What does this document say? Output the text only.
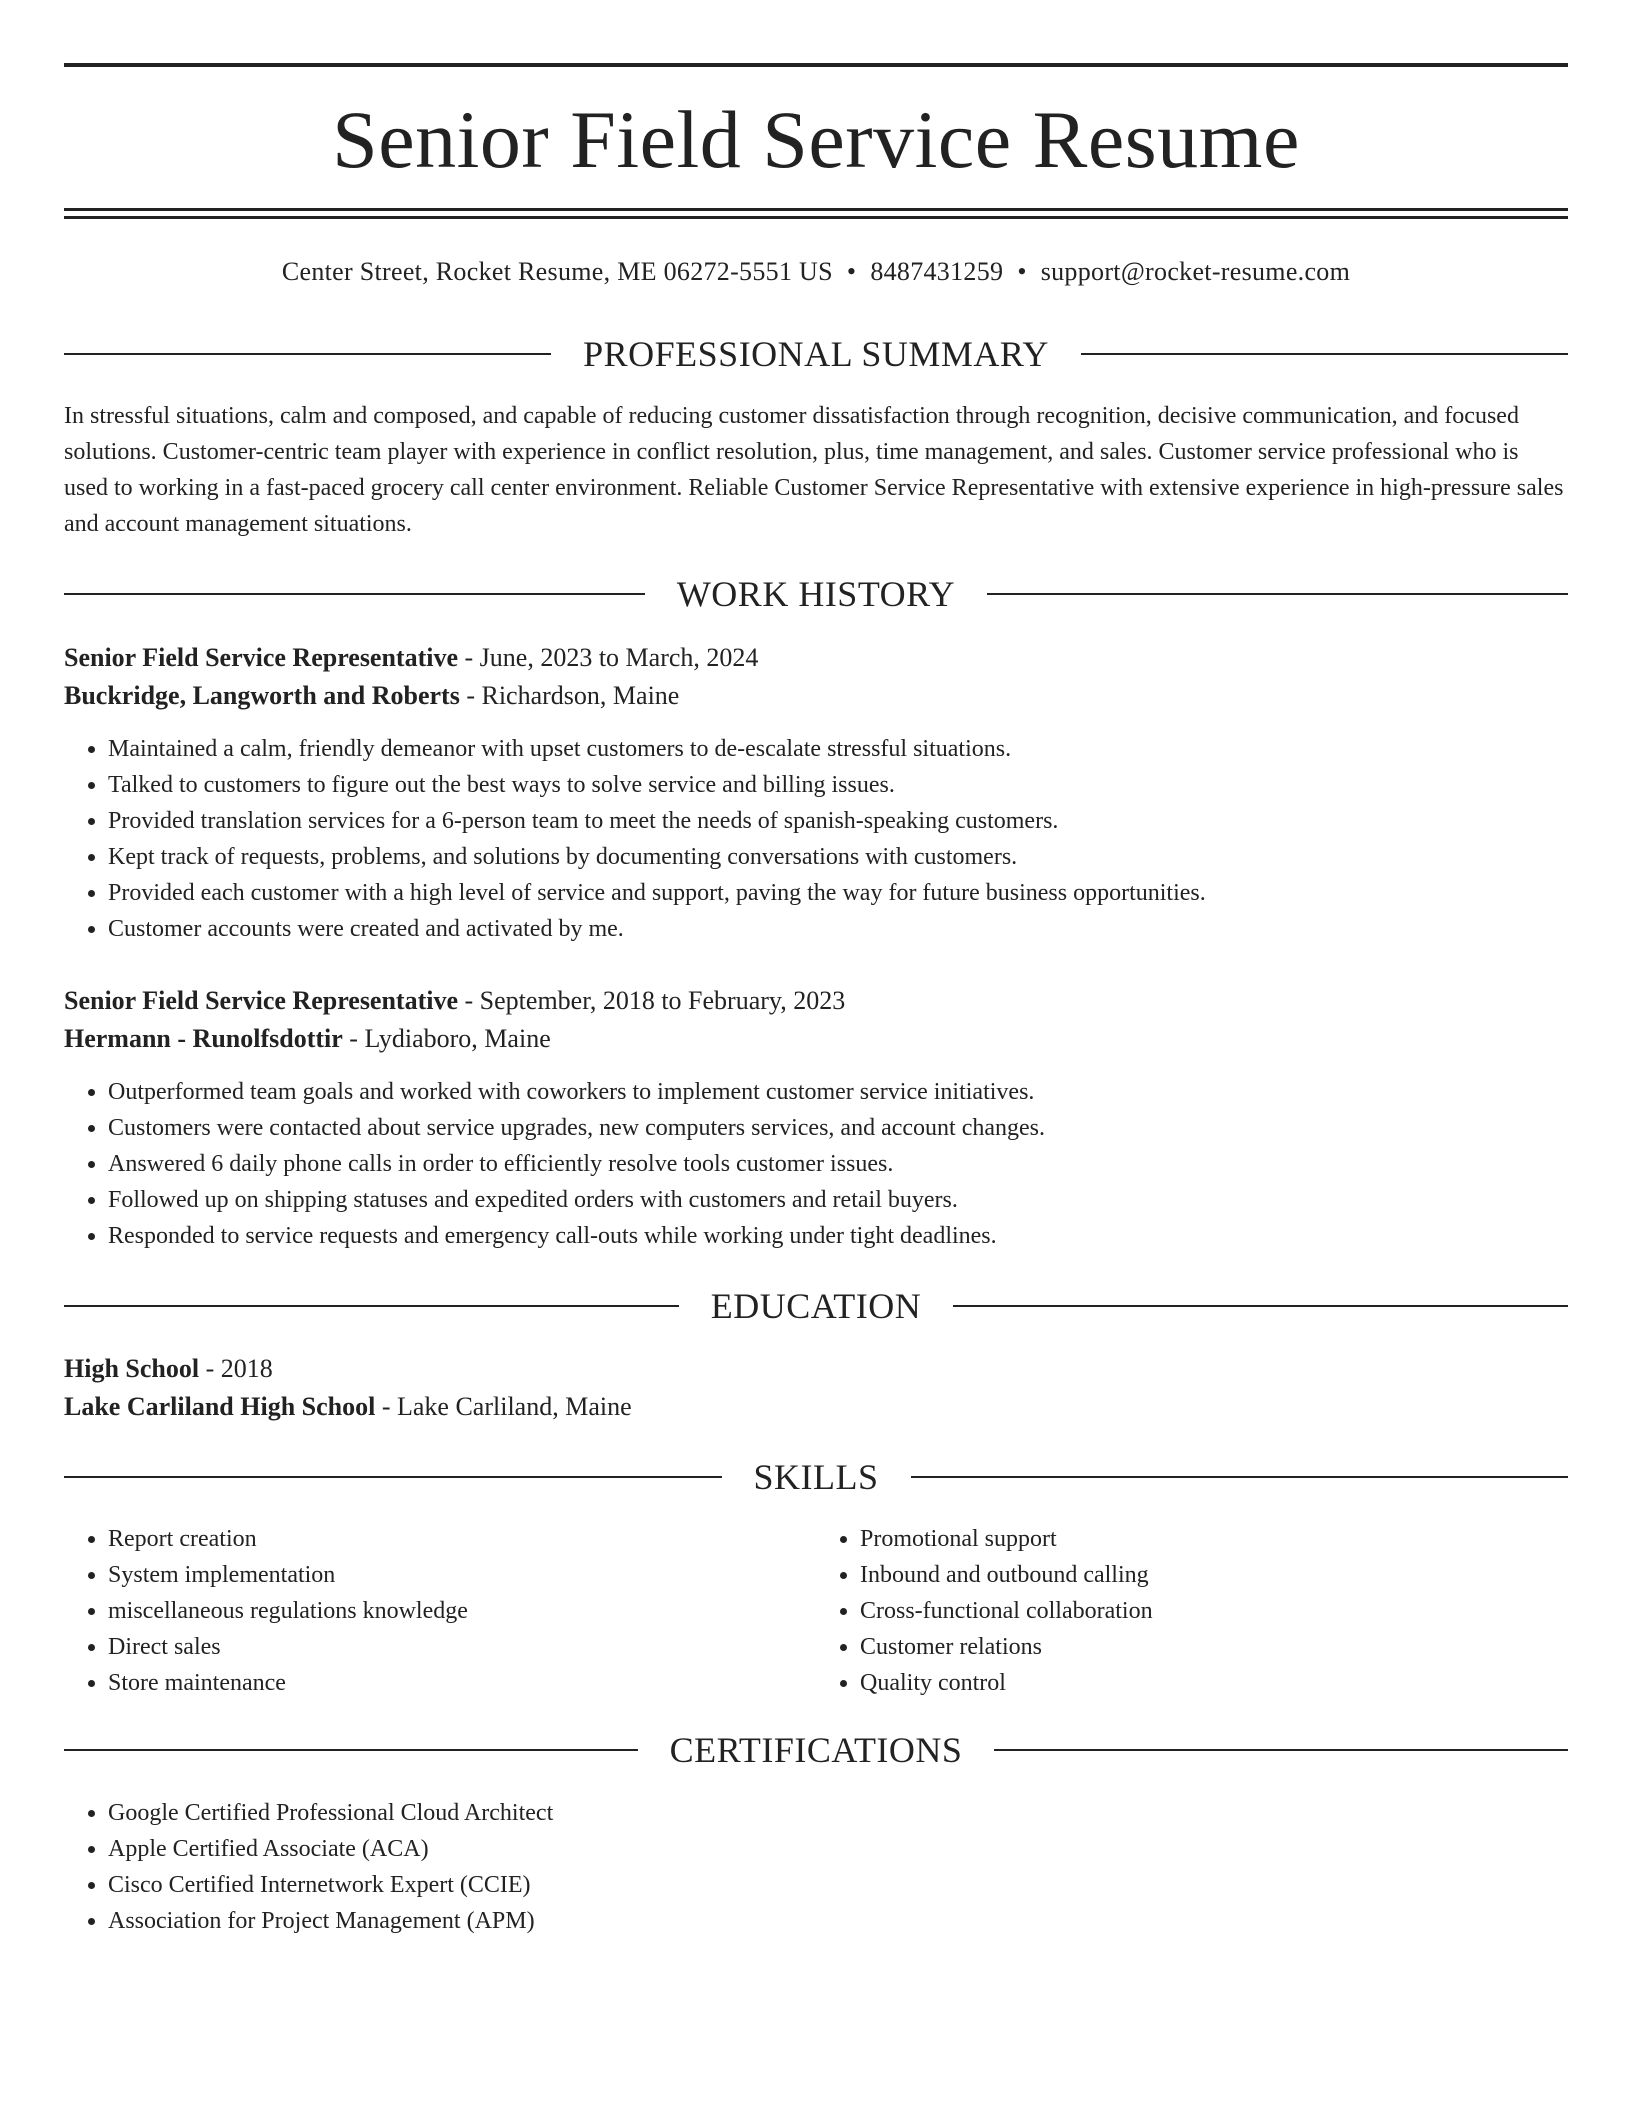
Senior Field Service Resume
Center Street, Rocket Resume, ME 06272-5551 US • 8487431259 • support@rocket-resume.com
PROFESSIONAL SUMMARY

In stressful situations, calm and composed, and capable of reducing customer dissatisfaction through recognition, decisive communication, and focused solutions. Customer-centric team player with experience in conflict resolution, plus, time management, and sales. Customer service professional who is used to working in a fast-paced grocery call center environment. Reliable Customer Service Representative with extensive experience in high-pressure sales and account management situations.

WORK HISTORY

Senior Field Service Representative - June, 2023 to March, 2024

Buckridge, Langworth and Roberts - Richardson, Maine

• Maintained a calm, friendly demeanor with upset customers to de-escalate stressful situations.
• Talked to customers to figure out the best ways to solve service and billing issues.
• Provided translation services for a 6-person team to meet the needs of spanish-speaking customers.
• Kept track of requests, problems, and solutions by documenting conversations with customers.
• Provided each customer with a high level of service and support, paving the way for future business opportunities.
• Customer accounts were created and activated by me.

Senior Field Service Representative - September, 2018 to February, 2023

Hermann - Runolfsdottir - Lydiaboro, Maine

• Outperformed team goals and worked with coworkers to implement customer service initiatives.
• Customers were contacted about service upgrades, new computers services, and account changes.
• Answered 6 daily phone calls in order to efficiently resolve tools customer issues.
• Followed up on shipping statuses and expedited orders with customers and retail buyers.
• Responded to service requests and emergency call-outs while working under tight deadlines.
EDUCATION

High School - 2018

Lake Carliland High School - Lake Carliland, Maine

SKILLS
• Report creation
• System implementation
• miscellaneous regulations knowledge
• Direct sales
• Store maintenance
• Promotional support
• Inbound and outbound calling
• Cross-functional collaboration
• Customer relations
• Quality control
CERTIFICATIONS
• Google Certified Professional Cloud Architect
• Apple Certified Associate (ACA)
• Cisco Certified Internetwork Expert (CCIE)
• Association for Project Management (APM)
